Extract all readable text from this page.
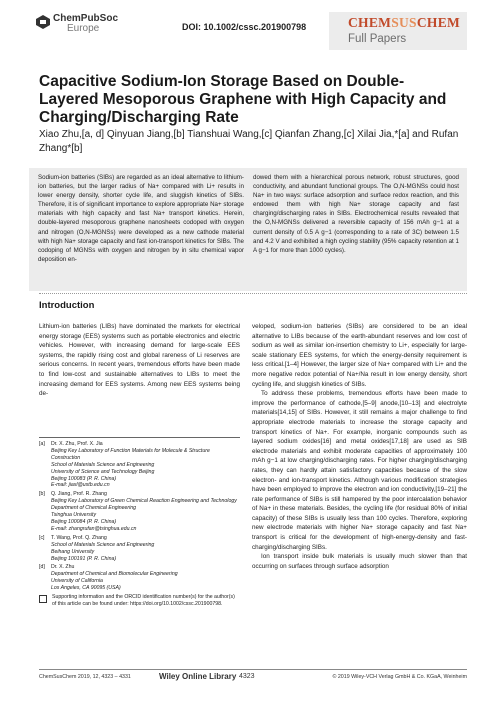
ChemPubSoc
Europe	DOI: 10.1002/cssc.201900798	CHEMSUSCHEM
Full Papers
Capacitive Sodium-Ion Storage Based on Double-Layered Mesoporous Graphene with High Capacity and Charging/Discharging Rate
Xiao Zhu,[a, d] Qinyuan Jiang,[b] Tianshuai Wang,[c] Qianfan Zhang,[c] Xilai Jia,*[a] and Rufan Zhang*[b]
Sodium-ion batteries (SIBs) are regarded as an ideal alternative to lithium-ion batteries, but the larger radius of Na+ compared with Li+ results in lower energy density, shorter cycle life, and sluggish kinetics of SIBs. Therefore, it is of significant importance to explore appropriate Na+ storage materials with high capacity and fast Na+ transport kinetics. Herein, double-layered mesoporous graphene nanosheets codoped with oxygen and nitrogen (O,N-MGNSs) were developed as a new cathode material with high Na+ storage capacity and fast ion-transport kinetics for SIBs. The codoping of MGNSs with oxygen and nitrogen by in situ chemical vapor deposition en-
dowed them with a hierarchical porous network, robust structures, good conductivity, and abundant functional groups. The O,N-MGNSs could host Na+ in two ways: surface adsorption and surface redox reaction, and this endowed them with high Na+ storage capacity and fast charging/discharging rates in SIBs. Electrochemical results revealed that the O,N-MGNSs delivered a reversible capacity of 156 mAh g−1 at a current density of 0.5 A g−1 (corresponding to a rate of 3C) between 1.5 and 4.2 V and exhibited a high cycling stability (95% capacity retention at 1 A g−1 for more than 1000 cycles).
Introduction

Lithium-ion batteries (LIBs) have dominated the markets for electrical energy storage (EES) systems such as portable electronics and electric vehicles. However, with increasing demand for large-scale EES systems, the rapidly rising cost and global rareness of Li reserves are serious concerns. In recent years, tremendous efforts have been made to find low-cost and sustainable alternatives to LIBs to meet the increasing demand for EES systems. Among new EES systems being de-

[a]	Dr. X. Zhu, Prof. X. Jia
Beijing Key Laboratory of Function Materials for Molecule & Structure Construction
School of Materials Science and Engineering
University of Science and Technology Beijing
Beijing 100083 (P. R. China)
E-mail: jiaxl@ustb.edu.cn
[b]	Q. Jiang, Prof. R. Zhang
Beijing Key Laboratory of Green Chemical Reaction Engineering and Technology
Department of Chemical Engineering
Tsinghua University
Beijing 100084 (P. R. China)
E-mail: zhangrufan@tsinghua.edu.cn
[c]	T. Wang, Prof. Q. Zhang
School of Materials Science and Engineering
Beihang University
Beijing 100191 (P. R. China)
[d]	Dr. X. Zhu
Department of Chemical and Biomolecular Engineering
University of California
Los Angeles, CA 90095 (USA)
Supporting information and the ORCID identification number(s) for the author(s) of this article can be found under: https://doi.org/10.1002/cssc.201900798.

veloped, sodium-ion batteries (SIBs) are considered to be an ideal alternative to LIBs because of the earth-abundant reserves and low cost of sodium as well as similar ion-insertion chemistry to Li+, especially for large-scale stationary EES systems, for which the energy-density requirement is less critical.[1–4] However, the larger size of Na+ compared with Li+ and the more negative redox potential of Na+/Na result in low energy density, short cycling life, and sluggish kinetics of SIBs.

To address these problems, tremendous efforts have been made to improve the performance of cathode,[5–9] anode,[10–13] and electrolyte materials[14,15] of SIBs. However, it still remains a major challenge to find appropriate electrode materials to increase the storage capacity and transport kinetics of Na+. For example, inorganic compounds such as layered sodium oxides[16] and metal oxides[17,18] are used as SIB electrode materials and exhibit moderate capacities of approximately 100 mAh g−1 at low charging/discharging rates. For higher charging/discharging rates, they can hardly attain satisfactory capacities because of the slow electron- and ion-transport kinetics. Although various modification strategies have been employed to improve the electron and ion conductivity,[19–21] the rate performance of SIBs is still hampered by the poor intercalation behavior of Na+ in these materials. Besides, the cycling life (for residual 80% of initial capacity) of these SIBs is usually less than 100 cycles. Therefore, exploring new electrode materials with higher Na+ storage capacity and fast Na+ transport is critical for the development of high-energy-density and fast-charging/discharging SIBs.

Ion transport inside bulk materials is usually much slower than that occurring on surfaces through surface adsorption

ChemSusChem 2019, 12, 4323 – 4331	Wiley Online Library 4323	© 2019 Wiley-VCH Verlag GmbH & Co. KGaA, Weinheim
